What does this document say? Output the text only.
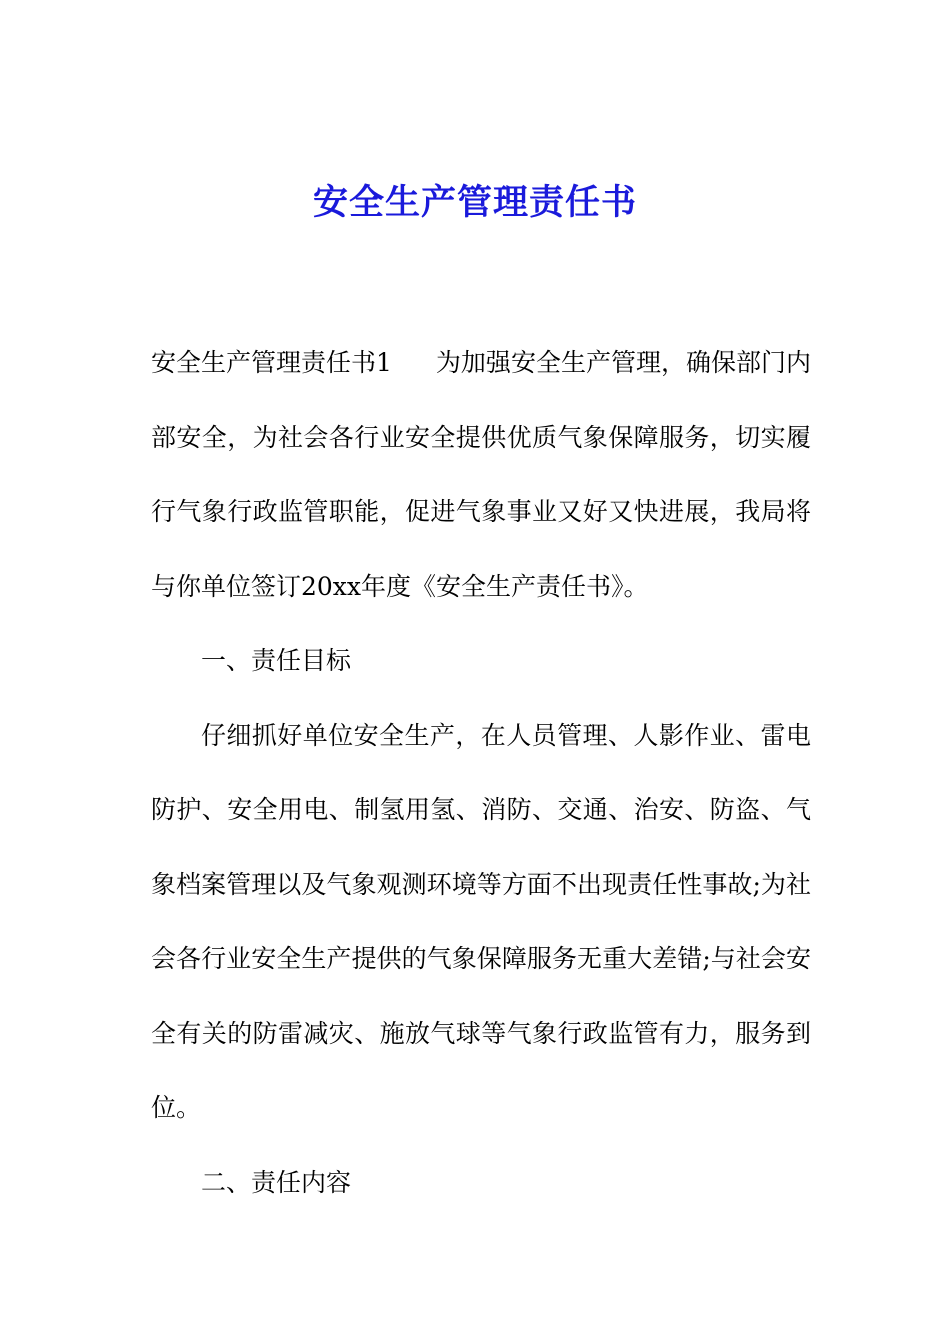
安全生产管理责任书

安全生产管理责任书1 为加强安全生产管理，确保部门内部安全，为社会各行业安全提供优质气象保障服务，切实履行气象行政监管职能，促进气象事业又好又快进展，我局将与你单位签订20xx年度《安全生产责任书》。

一、责任目标

仔细抓好单位安全生产，在人员管理、人影作业、雷电防护、安全用电、制氢用氢、消防、交通、治安、防盗、气象档案管理以及气象观测环境等方面不出现责任性事故;为社会各行业安全生产提供的气象保障服务无重大差错;与社会安全有关的防雷减灾、施放气球等气象行政监管有力，服务到位。

二、责任内容
